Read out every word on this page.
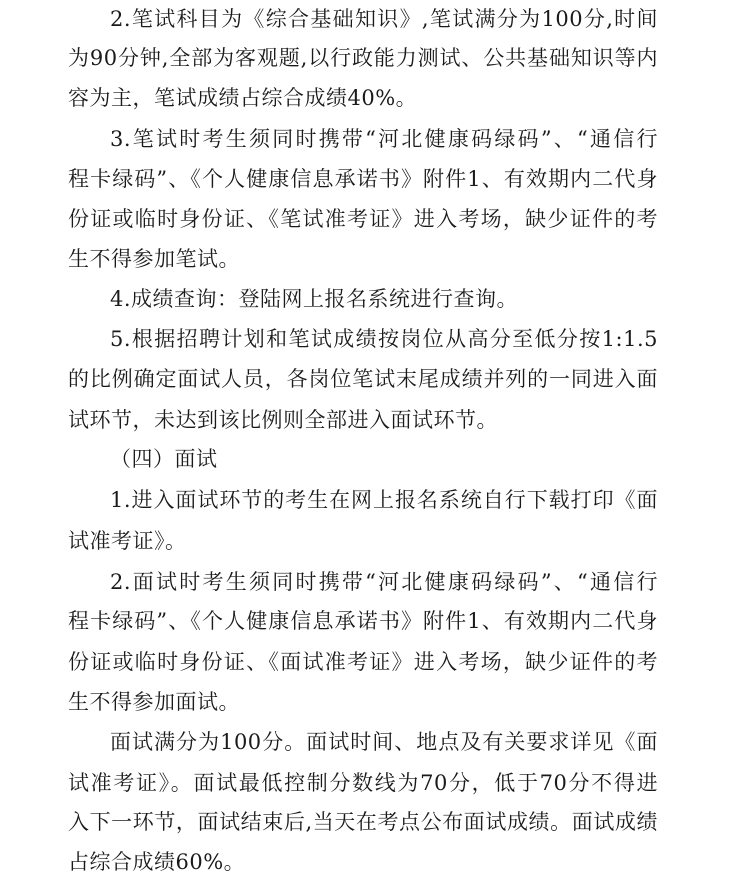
2.笔试科目为《综合基础知识》,笔试满分为100分,时间
为90分钟,全部为客观题,以行政能力测试、公共基础知识等内
容为主，笔试成绩占综合成绩40%。
3.笔试时考生须同时携带“河北健康码绿码”、“通信行
程卡绿码”、《个人健康信息承诺书》附件1、有效期内二代身
份证或临时身份证、《笔试准考证》进入考场，缺少证件的考
生不得参加笔试。
4.成绩查询：登陆网上报名系统进行查询。
5.根据招聘计划和笔试成绩按岗位从高分至低分按1:1.5
的比例确定面试人员，各岗位笔试末尾成绩并列的一同进入面
试环节，未达到该比例则全部进入面试环节。
（四）面试
1.进入面试环节的考生在网上报名系统自行下载打印《面
试准考证》。
2.面试时考生须同时携带“河北健康码绿码”、“通信行
程卡绿码”、《个人健康信息承诺书》附件1、有效期内二代身
份证或临时身份证、《面试准考证》进入考场，缺少证件的考
生不得参加面试。
面试满分为100分。面试时间、地点及有关要求详见《面
试准考证》。面试最低控制分数线为70分，低于70分不得进
入下一环节，面试结束后,当天在考点公布面试成绩。面试成绩
占综合成绩60%。
